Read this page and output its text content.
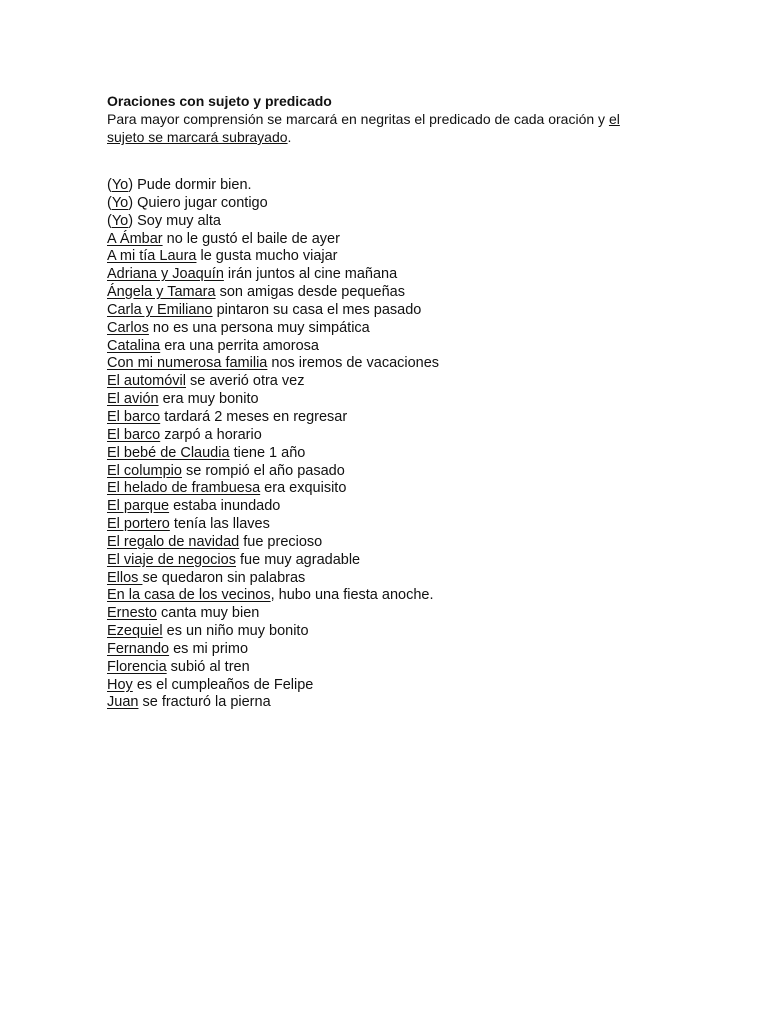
Oraciones con sujeto y predicado

Para mayor comprensión se marcará en negritas el predicado de cada oración y el sujeto se marcará subrayado.

(Yo) Pude dormir bien.
(Yo) Quiero jugar contigo
(Yo) Soy muy alta
A Ámbar no le gustó el baile de ayer
A mi tía Laura le gusta mucho viajar
Adriana y Joaquín irán juntos al cine mañana
Ángela y Tamara son amigas desde pequeñas
Carla y Emiliano pintaron su casa el mes pasado
Carlos no es una persona muy simpática
Catalina era una perrita amorosa
Con mi numerosa familia nos iremos de vacaciones
El automóvil se averió otra vez
El avión era muy bonito
El barco tardará 2 meses en regresar
El barco zarpó a horario
El bebé de Claudia tiene 1 año
El columpio se rompió el año pasado
El helado de frambuesa era exquisito
El parque estaba inundado
El portero tenía las llaves
El regalo de navidad fue precioso
El viaje de negocios fue muy agradable
Ellos se quedaron sin palabras
En la casa de los vecinos, hubo una fiesta anoche.
Ernesto canta muy bien
Ezequiel es un niño muy bonito
Fernando es mi primo
Florencia subió al tren
Hoy es el cumpleaños de Felipe
Juan se fracturó la pierna
